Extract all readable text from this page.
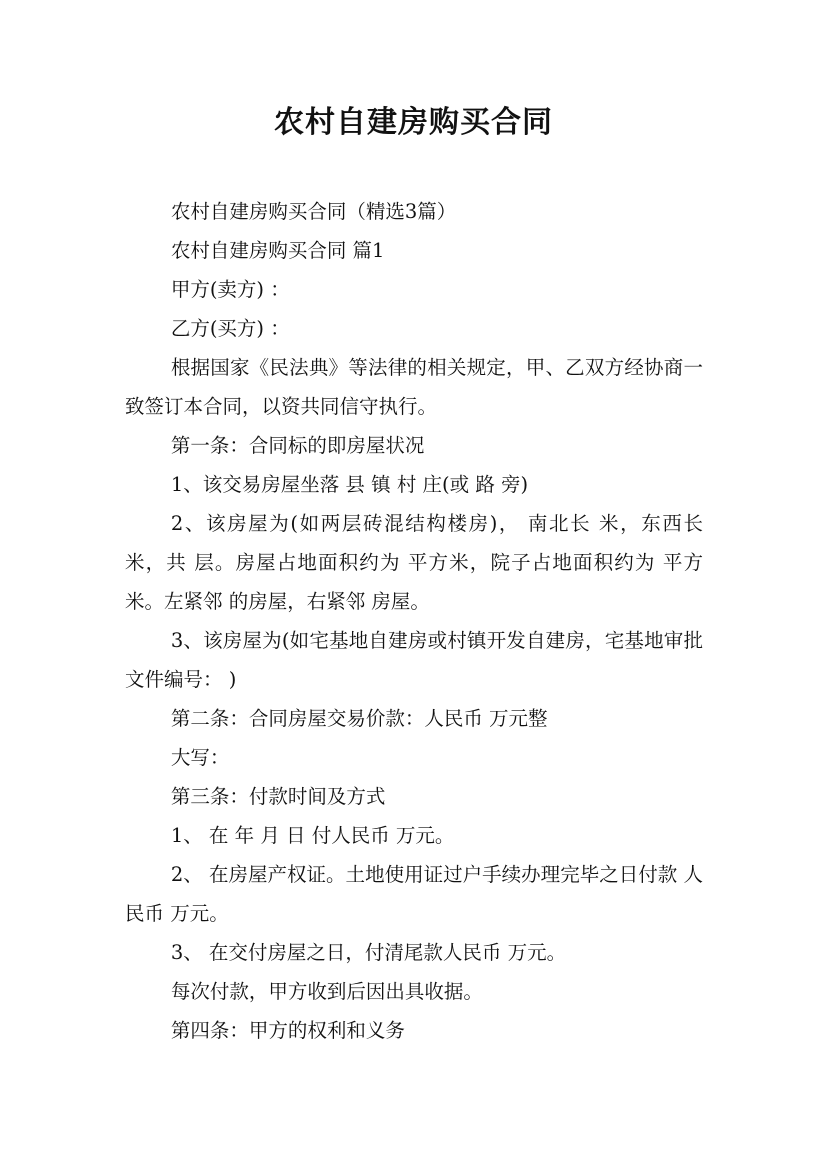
农村自建房购买合同

农村自建房购买合同（精选3篇）

农村自建房购买合同 篇1

甲方(卖方) ：

乙方(买方) ：

根据国家《民法典》等法律的相关规定，甲、乙双方经协商一致签订本合同，以资共同信守执行。

第一条：合同标的即房屋状况

1、该交易房屋坐落 县 镇 村 庄(或 路 旁)

2、该房屋为(如两层砖混结构楼房)， 南北长 米，东西长 米，共 层。房屋占地面积约为 平方米，院子占地面积约为 平方米。左紧邻 的房屋，右紧邻 房屋。

3、该房屋为(如宅基地自建房或村镇开发自建房，宅基地审批文件编号： )

第二条：合同房屋交易价款：人民币 万元整

大写：

第三条：付款时间及方式

1、 在 年 月 日 付人民币 万元。

2、 在房屋产权证。土地使用证过户手续办理完毕之日付款 人民币 万元。

3、 在交付房屋之日，付清尾款人民币 万元。

每次付款，甲方收到后因出具收据。

第四条：甲方的权利和义务
